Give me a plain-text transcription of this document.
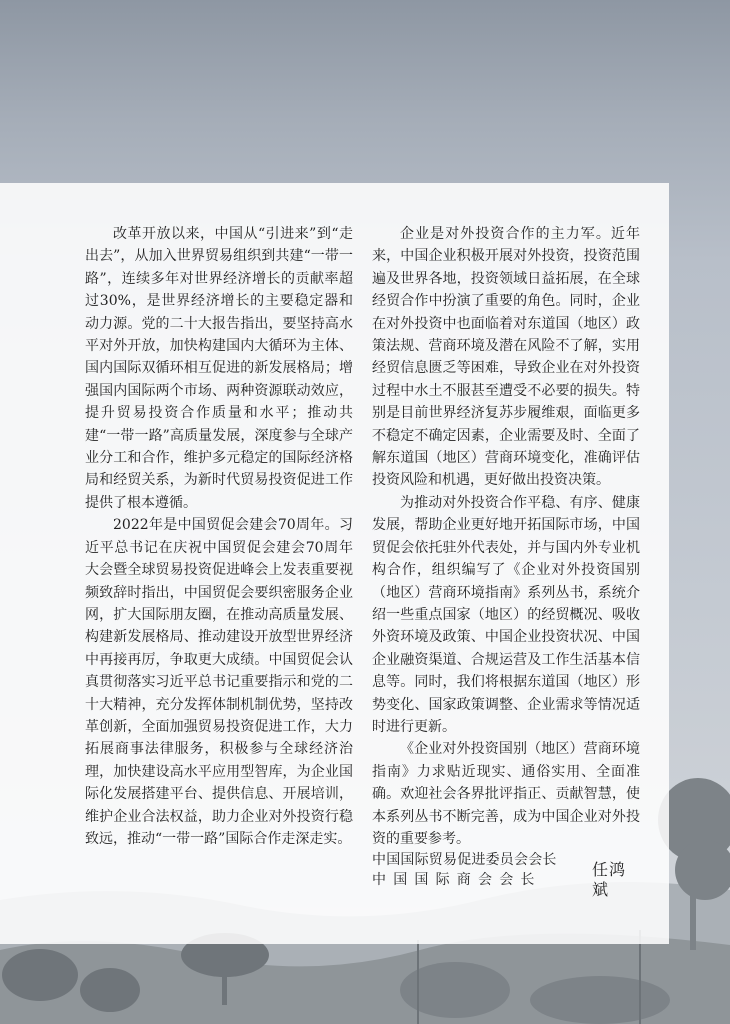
改革开放以来，中国从“引进来”到“走出去”，从加入世界贸易组织到共建“一带一路”，连续多年对世界经济增长的贡献率超过30%，是世界经济增长的主要稳定器和动力源。党的二十大报告指出，要坚持高水平对外开放，加快构建国内大循环为主体、国内国际双循环相互促进的新发展格局；增强国内国际两个市场、两种资源联动效应，提升贸易投资合作质量和水平；推动共建“一带一路”高质量发展，深度参与全球产业分工和合作，维护多元稳定的国际经济格局和经贸关系，为新时代贸易投资促进工作提供了根本遵循。

2022年是中国贸促会建会70周年。习近平总书记在庆祝中国贸促会建会70周年大会暨全球贸易投资促进峰会上发表重要视频致辞时指出，中国贸促会要织密服务企业网，扩大国际朋友圈，在推动高质量发展、构建新发展格局、推动建设开放型世界经济中再接再厉，争取更大成绩。中国贸促会认真贯彻落实习近平总书记重要指示和党的二十大精神，充分发挥体制机制优势，坚持改革创新，全面加强贸易投资促进工作，大力拓展商事法律服务，积极参与全球经济治理，加快建设高水平应用型智库，为企业国际化发展搭建平台、提供信息、开展培训，维护企业合法权益，助力企业对外投资行稳致远，推动“一带一路”国际合作走深走实。

企业是对外投资合作的主力军。近年来，中国企业积极开展对外投资，投资范围遍及世界各地，投资领域日益拓展，在全球经贸合作中扮演了重要的角色。同时，企业在对外投资中也面临着对东道国（地区）政策法规、营商环境及潜在风险不了解，实用经贸信息匮乏等困难，导致企业在对外投资过程中水土不服甚至遭受不必要的损失。特别是目前世界经济复苏步履维艰，面临更多不稳定不确定因素，企业需要及时、全面了解东道国（地区）营商环境变化，准确评估投资风险和机遇，更好做出投资决策。

为推动对外投资合作平稳、有序、健康发展，帮助企业更好地开拓国际市场，中国贸促会依托驻外代表处，并与国内外专业机构合作，组织编写了《企业对外投资国别（地区）营商环境指南》系列丛书，系统介绍一些重点国家（地区）的经贸概况、吸收外资环境及政策、中国企业投资状况、中国企业融资渠道、合规运营及工作生活基本信息等。同时，我们将根据东道国（地区）形势变化、国家政策调整、企业需求等情况适时进行更新。

《企业对外投资国别（地区）营商环境指南》力求贴近现实、通俗实用、全面准确。欢迎社会各界批评指正、贡献智慧，使本系列丛书不断完善，成为中国企业对外投资的重要参考。

中国国际贸易促进委员会会长
中国国际商会会长
任鸿斌
